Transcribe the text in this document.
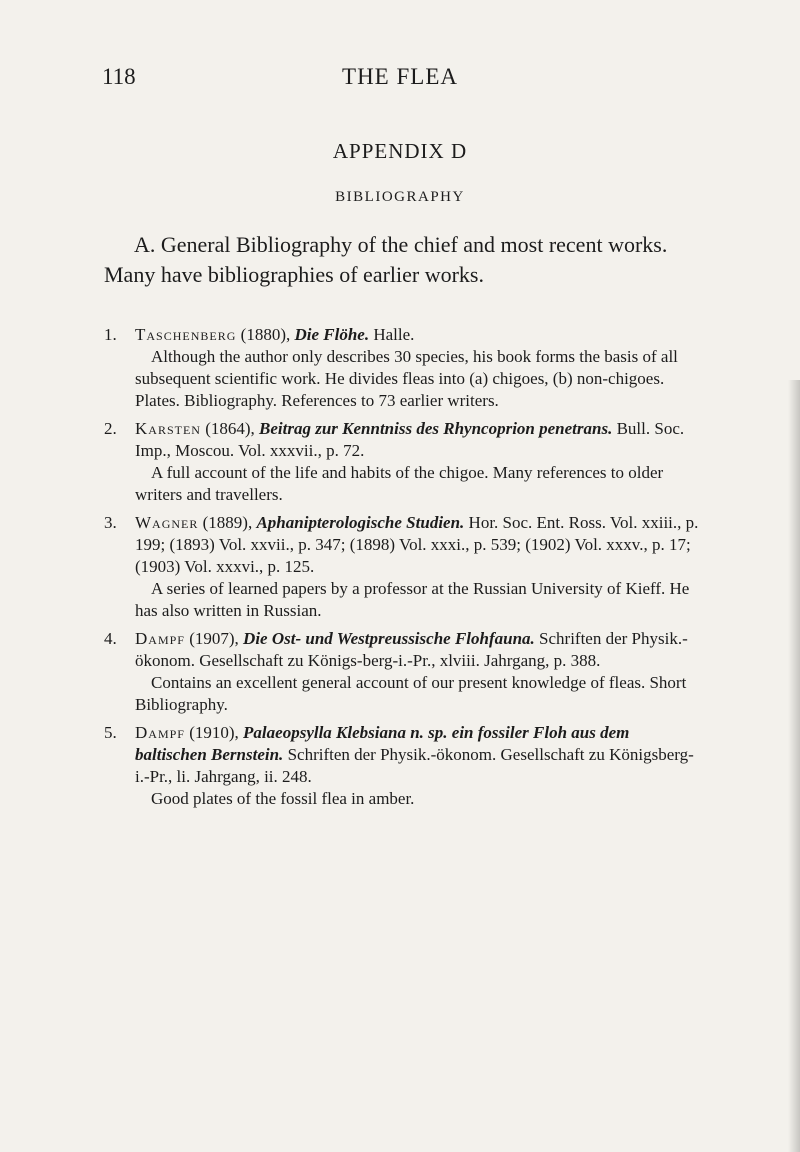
118	THE FLEA
APPENDIX D
BIBLIOGRAPHY
A. General Bibliography of the chief and most recent works. Many have bibliographies of earlier works.
1. Taschenberg (1880), Die Flöhe. Halle.
Although the author only describes 30 species, his book forms the basis of all subsequent scientific work. He divides fleas into (a) chigoes, (b) non-chigoes. Plates. Bibliography. References to 73 earlier writers.
2. Karsten (1864), Beitrag zur Kenntniss des Rhyncoprion penetrans. Bull. Soc. Imp., Moscou. Vol. xxxvii., p. 72.
A full account of the life and habits of the chigoe. Many references to older writers and travellers.
3. Wagner (1889), Aphanipterologische Studien. Hor. Soc. Ent. Ross. Vol. xxiii., p. 199; (1893) Vol. xxvii., p. 347; (1898) Vol. xxxi., p. 539; (1902) Vol. xxxv., p. 17; (1903) Vol. xxxvi., p. 125.
A series of learned papers by a professor at the Russian University of Kieff. He has also written in Russian.
4. Dampf (1907), Die Ost- und Westpreussische Flohfauna. Schriften der Physik.-ökonom. Gesellschaft zu Königs-berg-i.-Pr., xlviii. Jahrgang, p. 388.
Contains an excellent general account of our present knowledge of fleas. Short Bibliography.
5. Dampf (1910), Palaeopsylla Klebsiana n. sp. ein fossiler Floh aus dem baltischen Bernstein. Schriften der Physik.-ökonom. Gesellschaft zu Königsberg-i.-Pr., li. Jahrgang, ii. 248.
Good plates of the fossil flea in amber.
